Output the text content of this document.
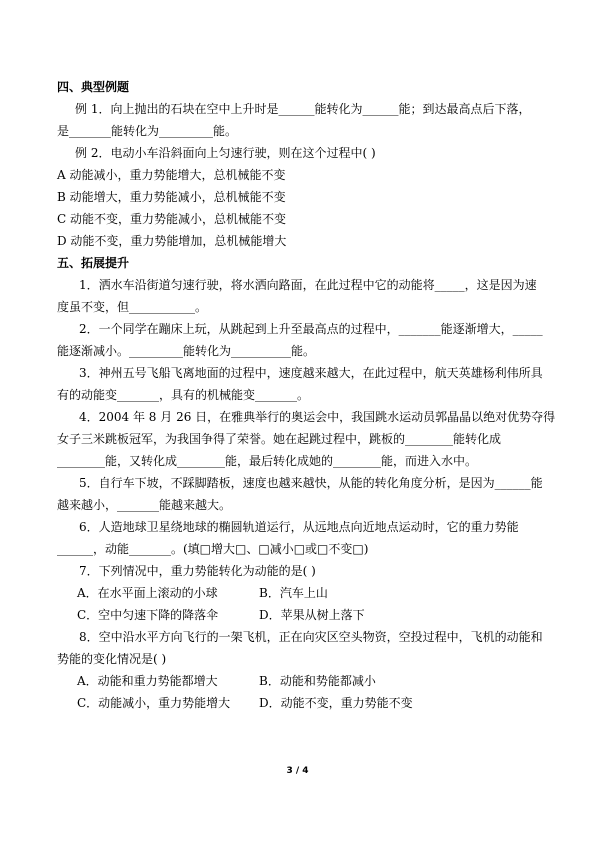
四、典型例题
例 1．向上抛出的石块在空中上升时是______能转化为______能；到达最高点后下落，
是_______能转化为_________能。
例 2．电动小车沿斜面向上匀速行驶，则在这个过程中( )
A 动能减小，重力势能增大，总机械能不变
B 动能增大，重力势能减小，总机械能不变
C 动能不变，重力势能减小，总机械能不变
D 动能不变，重力势能增加，总机械能增大
五、拓展提升
1．洒水车沿街道匀速行驶，将水洒向路面，在此过程中它的动能将_____，这是因为速
度虽不变，但___________。
2．一个同学在蹦床上玩，从跳起到上升至最高点的过程中，_______能逐渐增大，_____
能逐渐减小。_________能转化为__________能。
3．神州五号飞船飞离地面的过程中，速度越来越大，在此过程中，航天英雄杨利伟所具
有的动能变_______，具有的机械能变_______。
4．2004 年 8 月 26 日，在雅典举行的奥运会中，我国跳水运动员郭晶晶以绝对优势夺得
女子三米跳板冠军，为我国争得了荣誉。她在起跳过程中，跳板的________能转化成
________能，又转化成________能，最后转化成她的________能，而进入水中。
5．自行车下坡，不踩脚踏板，速度也越来越快，从能的转化角度分析，是因为______能
越来越小，_______能越来越大。
6．人造地球卫星绕地球的椭圆轨道运行，从远地点向近地点运动时，它的重力势能
______，动能_______。(填□增大□、□减小□或□不变□)
7．下列情况中，重力势能转化为动能的是( )
A．在水平面上滚动的小球	B．汽车上山
C．空中匀速下降的降落伞	D．苹果从树上落下
8．空中沿水平方向飞行的一架飞机，正在向灾区空头物资，空投过程中，飞机的动能和
势能的变化情况是( )
A．动能和重力势能都增大	B．动能和势能都减小
C．动能减小，重力势能增大	D．动能不变，重力势能不变
3 / 4
